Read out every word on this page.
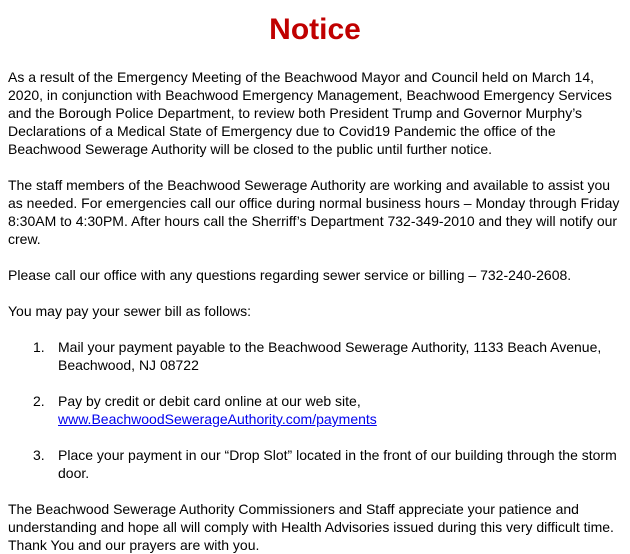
Notice

As a result of the Emergency Meeting of the Beachwood Mayor and Council held on March 14, 2020, in conjunction with Beachwood Emergency Management, Beachwood Emergency Services and the Borough Police Department, to review both President Trump and Governor Murphy’s Declarations of a Medical State of Emergency due to Covid19 Pandemic the office of the Beachwood Sewerage Authority will be closed to the public until further notice.

The staff members of the Beachwood Sewerage Authority are working and available to assist you as needed. For emergencies call our office during normal business hours – Monday through Friday 8:30AM to 4:30PM. After hours call the Sherriff’s Department 732-349-2010 and they will notify our crew.

Please call our office with any questions regarding sewer service or billing – 732-240-2608.

You may pay your sewer bill as follows:

1. Mail your payment payable to the Beachwood Sewerage Authority, 1133 Beach Avenue, Beachwood, NJ 08722
2. Pay by credit or debit card online at our web site,
www.BeachwoodSewerageAuthority.com/payments
3. Place your payment in our “Drop Slot” located in the front of our building through the storm door.

The Beachwood Sewerage Authority Commissioners and Staff appreciate your patience and understanding and hope all will comply with Health Advisories issued during this very difficult time. Thank You and our prayers are with you.
